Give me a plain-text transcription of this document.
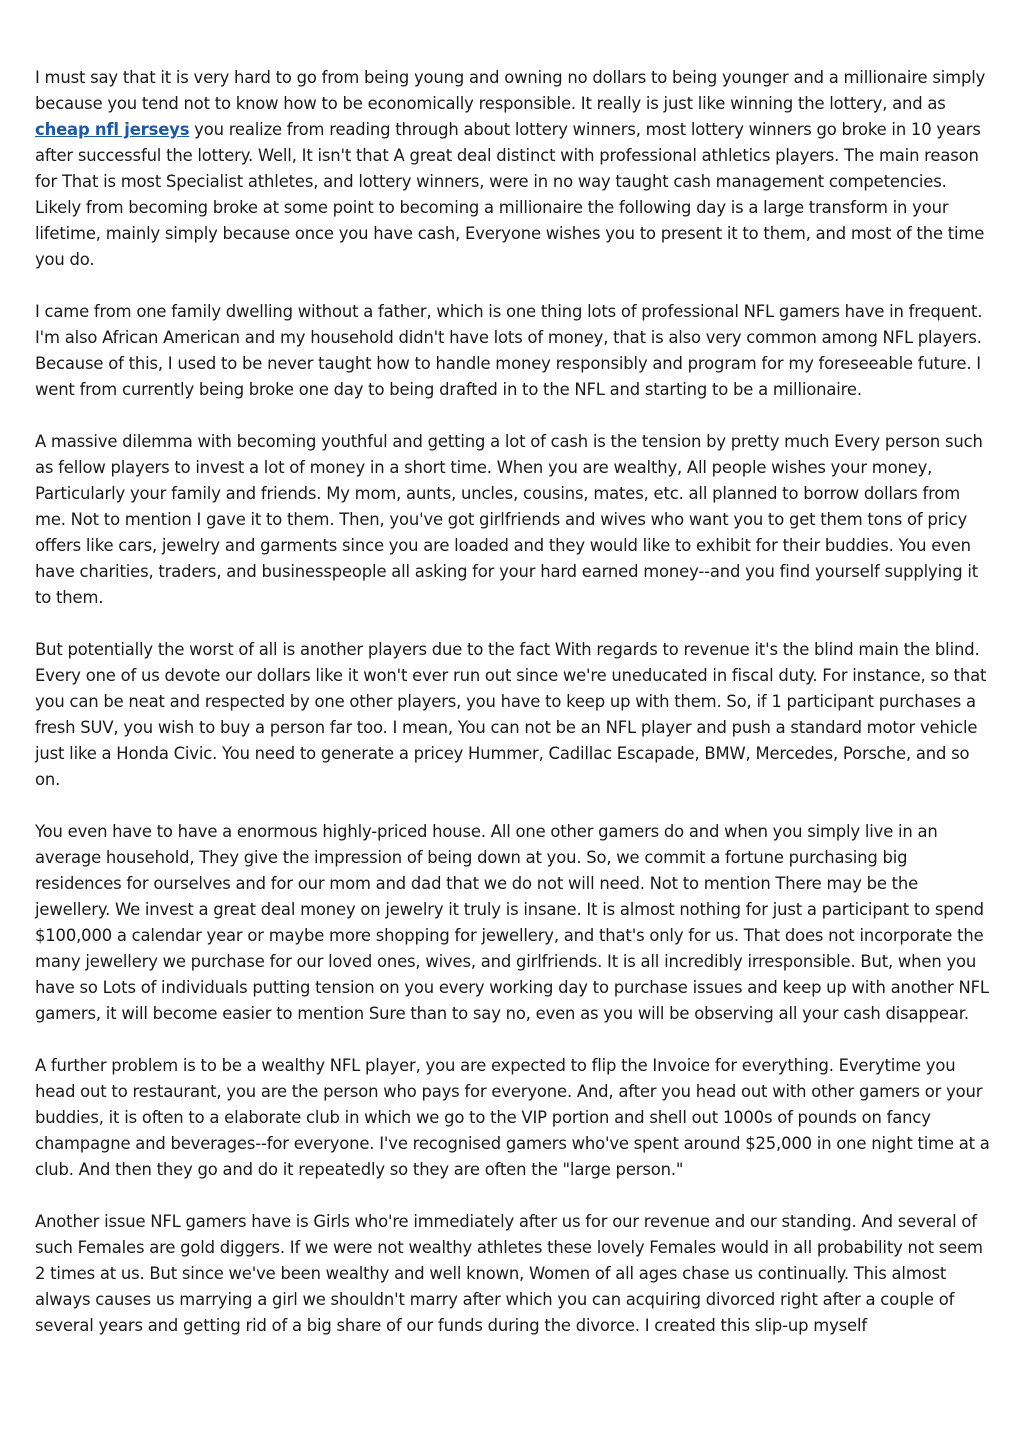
I must say that it is very hard to go from being young and owning no dollars to being younger and a millionaire simply because you tend not to know how to be economically responsible. It really is just like winning the lottery, and as cheap nfl jerseys you realize from reading through about lottery winners, most lottery winners go broke in 10 years after successful the lottery. Well, It isn't that A great deal distinct with professional athletics players. The main reason for That is most Specialist athletes, and lottery winners, were in no way taught cash management competencies. Likely from becoming broke at some point to becoming a millionaire the following day is a large transform in your lifetime, mainly simply because once you have cash, Everyone wishes you to present it to them, and most of the time you do.

I came from one family dwelling without a father, which is one thing lots of professional NFL gamers have in frequent. I'm also African American and my household didn't have lots of money, that is also very common among NFL players. Because of this, I used to be never taught how to handle money responsibly and program for my foreseeable future. I went from currently being broke one day to being drafted in to the NFL and starting to be a millionaire.

A massive dilemma with becoming youthful and getting a lot of cash is the tension by pretty much Every person such as fellow players to invest a lot of money in a short time. When you are wealthy, All people wishes your money, Particularly your family and friends. My mom, aunts, uncles, cousins, mates, etc. all planned to borrow dollars from me. Not to mention I gave it to them. Then, you've got girlfriends and wives who want you to get them tons of pricy offers like cars, jewelry and garments since you are loaded and they would like to exhibit for their buddies. You even have charities, traders, and businesspeople all asking for your hard earned money--and you find yourself supplying it to them.

But potentially the worst of all is another players due to the fact With regards to revenue it's the blind main the blind. Every one of us devote our dollars like it won't ever run out since we're uneducated in fiscal duty. For instance, so that you can be neat and respected by one other players, you have to keep up with them. So, if 1 participant purchases a fresh SUV, you wish to buy a person far too. I mean, You can not be an NFL player and push a standard motor vehicle just like a Honda Civic. You need to generate a pricey Hummer, Cadillac Escapade, BMW, Mercedes, Porsche, and so on.

You even have to have a enormous highly-priced house. All one other gamers do and when you simply live in an average household, They give the impression of being down at you. So, we commit a fortune purchasing big residences for ourselves and for our mom and dad that we do not will need. Not to mention There may be the jewellery. We invest a great deal money on jewelry it truly is insane. It is almost nothing for just a participant to spend $100,000 a calendar year or maybe more shopping for jewellery, and that's only for us. That does not incorporate the many jewellery we purchase for our loved ones, wives, and girlfriends. It is all incredibly irresponsible. But, when you have so Lots of individuals putting tension on you every working day to purchase issues and keep up with another NFL gamers, it will become easier to mention Sure than to say no, even as you will be observing all your cash disappear.

A further problem is to be a wealthy NFL player, you are expected to flip the Invoice for everything. Everytime you head out to restaurant, you are the person who pays for everyone. And, after you head out with other gamers or your buddies, it is often to a elaborate club in which we go to the VIP portion and shell out 1000s of pounds on fancy champagne and beverages--for everyone. I've recognised gamers who've spent around $25,000 in one night time at a club. And then they go and do it repeatedly so they are often the "large person."

Another issue NFL gamers have is Girls who're immediately after us for our revenue and our standing. And several of such Females are gold diggers. If we were not wealthy athletes these lovely Females would in all probability not seem 2 times at us. But since we've been wealthy and well known, Women of all ages chase us continually. This almost always causes us marrying a girl we shouldn't marry after which you can acquiring divorced right after a couple of several years and getting rid of a big share of our funds during the divorce. I created this slip-up myself
